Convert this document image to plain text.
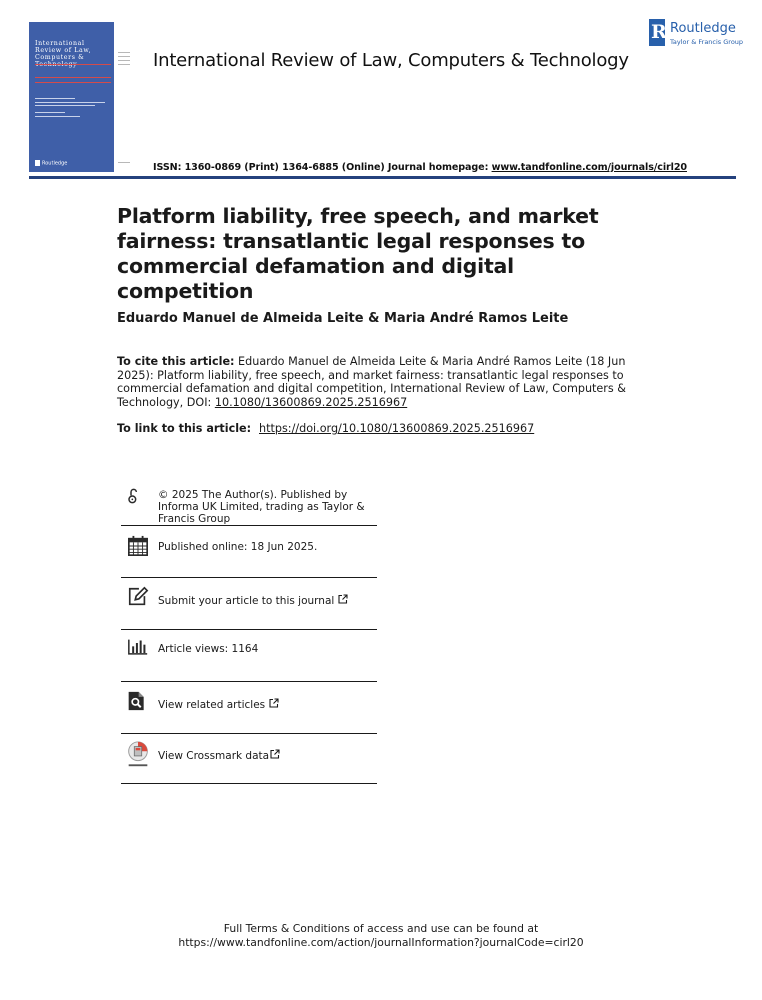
International Review of Law, Computers & Technology
Routledge
International Review of Law, Computers & Technology
R Routledge
Taylor & Francis Group
ISSN: 1360-0869 (Print) 1364-6885 (Online) Journal homepage: www.tandfonline.com/journals/cirl20
Platform liability, free speech, and market fairness: transatlantic legal responses to commercial defamation and digital competition
Eduardo Manuel de Almeida Leite & Maria André Ramos Leite
To cite this article: Eduardo Manuel de Almeida Leite & Maria André Ramos Leite (18 Jun 2025): Platform liability, free speech, and market fairness: transatlantic legal responses to commercial defamation and digital competition, International Review of Law, Computers & Technology, DOI: 10.1080/13600869.2025.2516967
To link to this article: https://doi.org/10.1080/13600869.2025.2516967
© 2025 The Author(s). Published by Informa UK Limited, trading as Taylor & Francis Group
Published online: 18 Jun 2025.
Submit your article to this journal
Article views: 1164
View related articles
View Crossmark data
Full Terms & Conditions of access and use can be found at
https://www.tandfonline.com/action/journalInformation?journalCode=cirl20
